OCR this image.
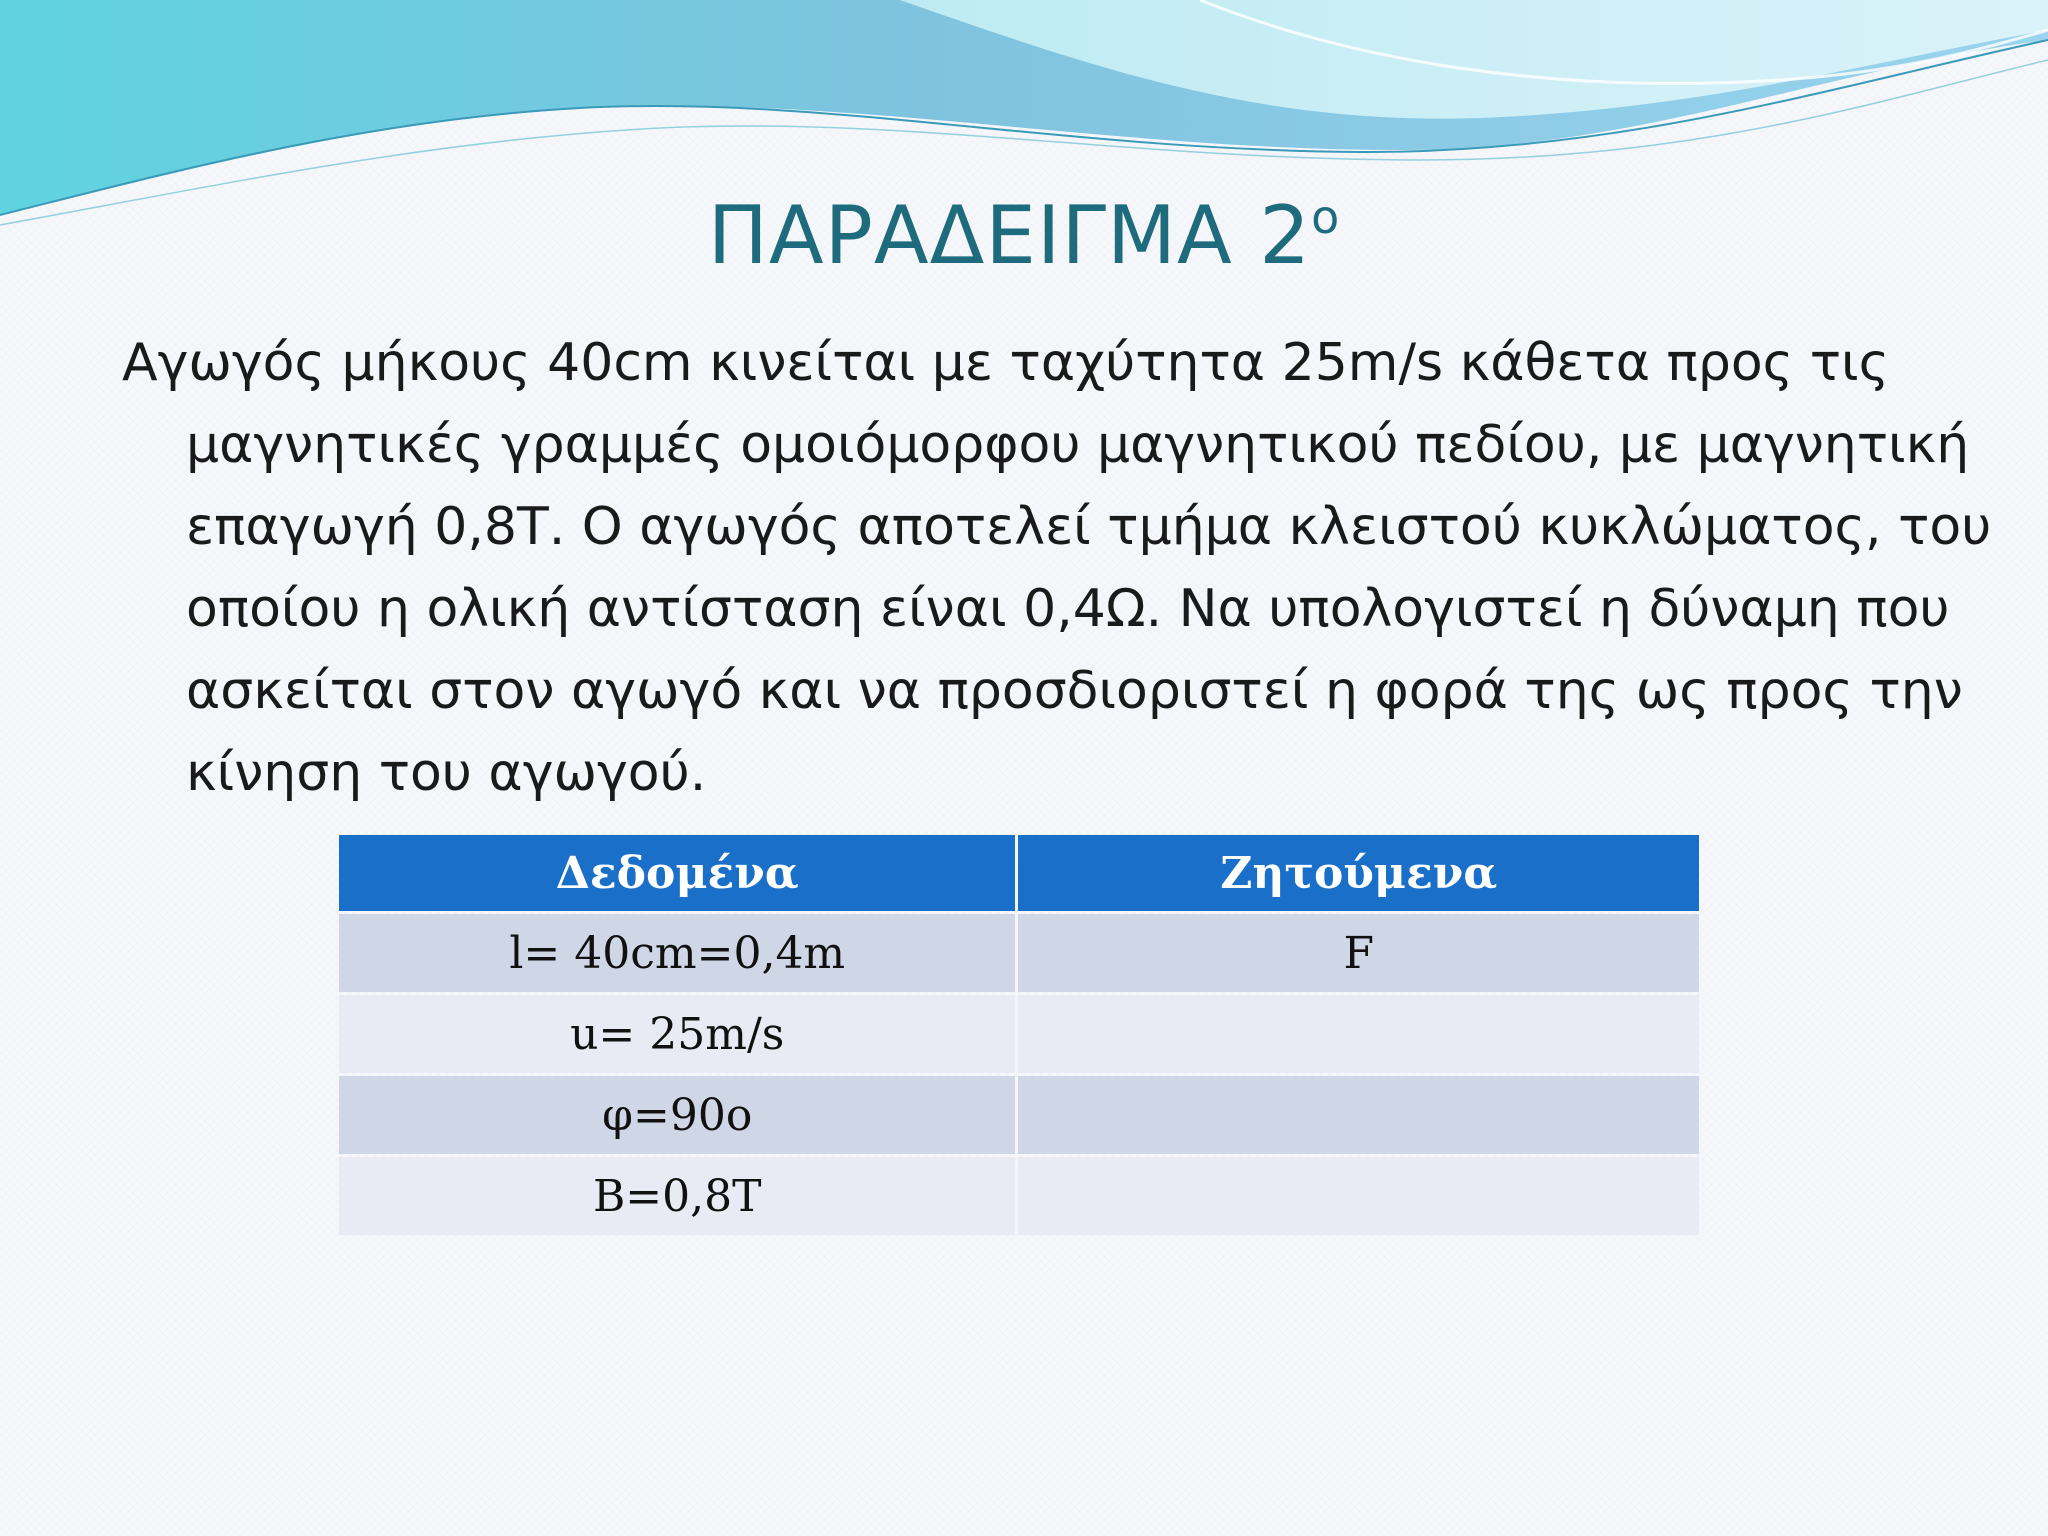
ΠΑΡΑΔΕΙΓΜΑ $2^o$
Αγωγός μήκους 40cm κινείται με ταχύτητα 25m/s κάθετα προς τις μαγνητικές γραμμές ομοιόμορφου μαγνητικού πεδίου, με μαγνητική επαγωγή 0,8Τ. Ο αγωγός αποτελεί τμήμα κλειστού κυκλώματος, του οποίου η ολική αντίσταση είναι 0,4Ω. Να υπολογιστεί η δύναμη που ασκείται στον αγωγό και να προσδιοριστεί η φορά της ως προς την κίνηση του αγωγού.
Δεδομένα	Ζητούμενα
l= 40cm=0,4m	F
u= 25m/s	
φ=90ο	
Β=0,8Τ	
